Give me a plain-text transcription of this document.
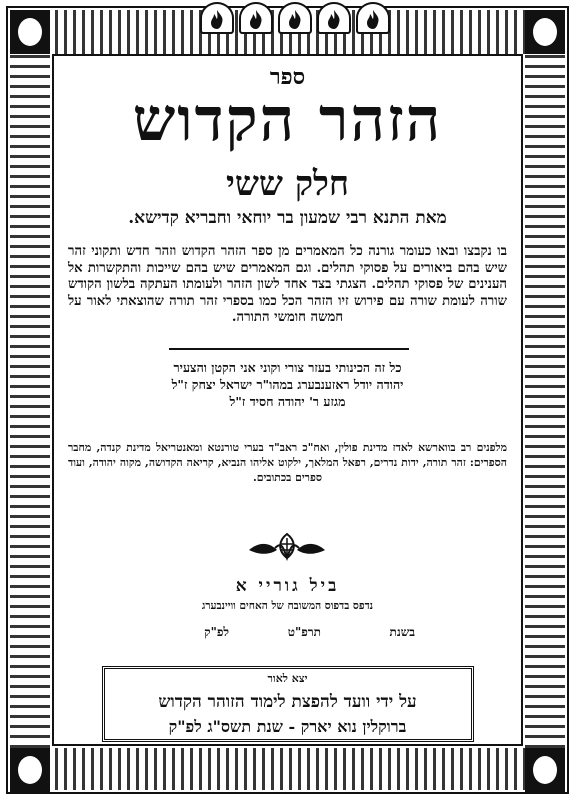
ספר
הזהר הקדוש
חלק ששי
מאת התנא רבי שמעון בר יוחאי וחבריא קדישא.
בו נקבצו ובאו כעומר גורנה כל המאמרים מן ספר הזהר הקדוש וזהר חדש ותקוני זהר שיש בהם ביאורים על פסוקי תהלים. וגם המאמרים שיש בהם שייכות והתקשרות אל הענינים של פסוקי תהלים. הצגתי בצד אחד לשון הזהר ולעומתו העתקה בלשון הקודש שורה לעומת שורה עם פירוש זיו הזהר הכל כמו בספרי זהר תורה שהוצאתי לאור על חמשה חומשי התורה.
כל זה הכינותי בעזר צורי וקוני אני הקטן והצעיר
יהודה יודל ראזענבערג במהו"ר ישראל יצחק ז"ל
מגזע ר' יהודה חסיד ז"ל
מלפנים רב בווארשא לאדז מדינת פולין, ואח"כ ראב"ד בערי טורנטא ומאנטריאל מדינת קנדה, מחבר הספרים: זהר תורה, ידות נדרים, רפאל המלאך, ילקוט אליהו הנביא, קריאה הקדושה, מקוה יהודה, ועוד ספרים בכתובים.
ביל גוריי א
נדפס בדפוס המשובח של האחים וויינבערג
בשנת
תרפ"ט
לפ"ק
יצא לאור
על ידי וועד להפצת לימוד הזוהר הקדוש
ברוקלין נוא יארק - שנת תשס"ג לפ"ק
